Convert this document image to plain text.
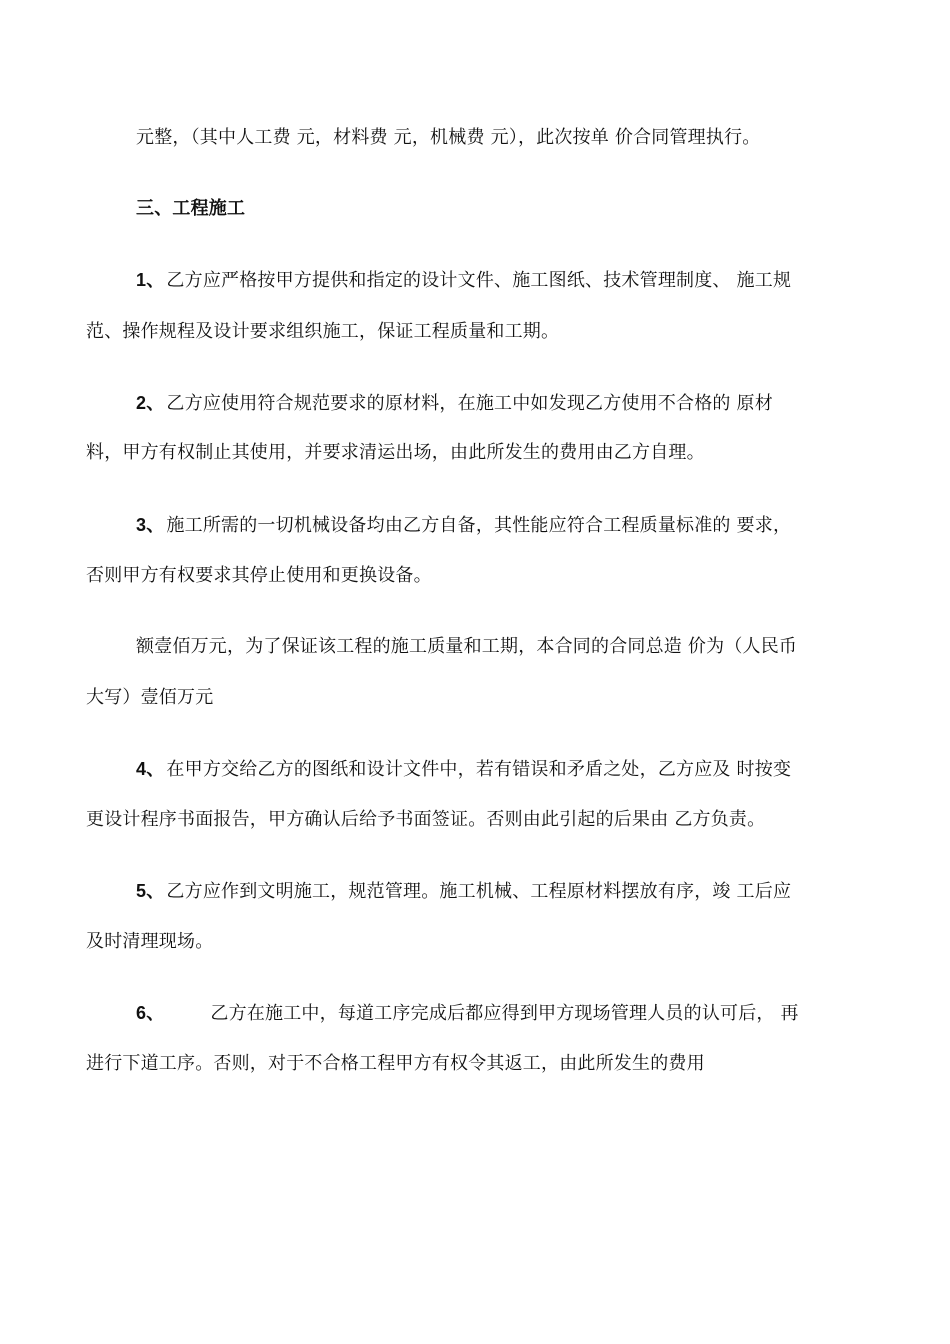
元整，（其中人工费 元，材料费 元，机械费 元），此次按单 价合同管理执行。
三、工程施工
1、 乙方应严格按甲方提供和指定的设计文件、施工图纸、技术管理制度、 施工规
范、操作规程及设计要求组织施工，保证工程质量和工期。
2、 乙方应使用符合规范要求的原材料，在施工中如发现乙方使用不合格的 原材
料，甲方有权制止其使用，并要求清运出场，由此所发生的费用由乙方自理。
3、 施工所需的一切机械设备均由乙方自备，其性能应符合工程质量标准的 要求，
否则甲方有权要求其停止使用和更换设备。
额壹佰万元，为了保证该工程的施工质量和工期，本合同的合同总造 价为（人民币
大写）壹佰万元
4、 在甲方交给乙方的图纸和设计文件中，若有错误和矛盾之处，乙方应及 时按变
更设计程序书面报告，甲方确认后给予书面签证。否则由此引起的后果由 乙方负责。
5、 乙方应作到文明施工，规范管理。施工机械、工程原材料摆放有序，竣 工后应
及时清理现场。
6、	乙方在施工中，每道工序完成后都应得到甲方现场管理人员的认可后， 再
进行下道工序。否则，对于不合格工程甲方有权令其返工，由此所发生的费用
